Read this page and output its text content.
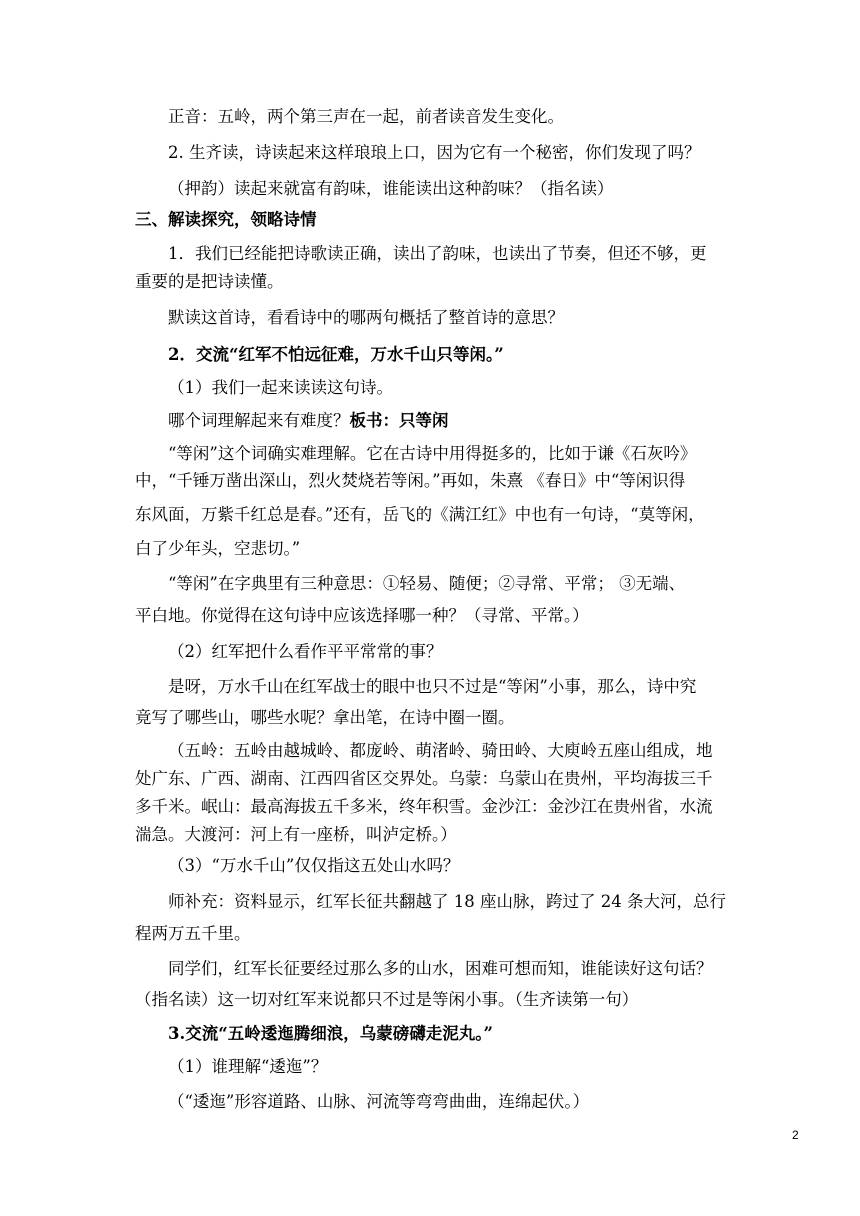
正音：五岭，两个第三声在一起，前者读音发生变化。
2. 生齐读，诗读起来这样琅琅上口，因为它有一个秘密，你们发现了吗？
（押韵）读起来就富有韵味，谁能读出这种韵味？（指名读）
三、解读探究，领略诗情
1．我们已经能把诗歌读正确，读出了韵味，也读出了节奏，但还不够，更
重要的是把诗读懂。
默读这首诗，看看诗中的哪两句概括了整首诗的意思？
2．交流“红军不怕远征难，万水千山只等闲。”
（1）我们一起来读读这句诗。
哪个词理解起来有难度？板书：只等闲
“等闲”这个词确实难理解。它在古诗中用得挺多的，比如于谦《石灰吟》
中，“千锤万凿出深山，烈火焚烧若等闲。”再如，朱熹 《春日》中“等闲识得
东风面，万紫千红总是春。”还有，岳飞的《满江红》中也有一句诗，“莫等闲，
白了少年头，空悲切。”
“等闲”在字典里有三种意思：①轻易、随便；②寻常、平常； ③无端、
平白地。你觉得在这句诗中应该选择哪一种？（寻常、平常。）
（2）红军把什么看作平平常常的事？
是呀，万水千山在红军战士的眼中也只不过是“等闲”小事，那么，诗中究
竟写了哪些山，哪些水呢？拿出笔，在诗中圈一圈。
（五岭：五岭由越城岭、都庞岭、萌渚岭、骑田岭、大庾岭五座山组成，地
处广东、广西、湖南、江西四省区交界处。乌蒙：乌蒙山在贵州，平均海拔三千
多千米。岷山：最高海拔五千多米，终年积雪。金沙江：金沙江在贵州省，水流
湍急。大渡河：河上有一座桥，叫泸定桥。）
（3）“万水千山”仅仅指这五处山水吗？
师补充：资料显示，红军长征共翻越了 18 座山脉，跨过了 24 条大河，总行
程两万五千里。
同学们，红军长征要经过那么多的山水，困难可想而知，谁能读好这句话？
（指名读）这一切对红军来说都只不过是等闲小事。（生齐读第一句）
3.交流“五岭逶迤腾细浪，乌蒙磅礴走泥丸。”
（1）谁理解“逶迤”？
（“逶迤”形容道路、山脉、河流等弯弯曲曲，连绵起伏。）
2
